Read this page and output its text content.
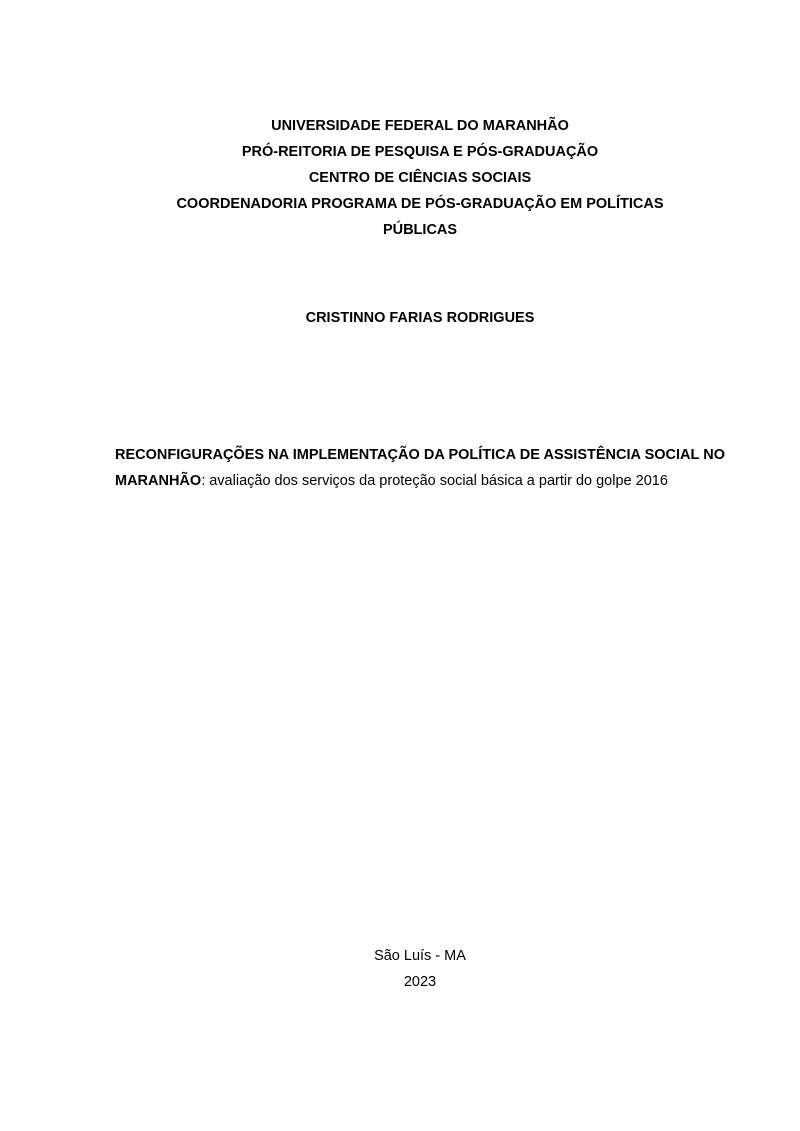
UNIVERSIDADE FEDERAL DO MARANHÃO
PRÓ-REITORIA DE PESQUISA E PÓS-GRADUAÇÃO
CENTRO DE CIÊNCIAS SOCIAIS
COORDENADORIA PROGRAMA DE PÓS-GRADUAÇÃO EM POLÍTICAS
PÚBLICAS
CRISTINNO FARIAS RODRIGUES
RECONFIGURAÇÕES NA IMPLEMENTAÇÃO DA POLÍTICA DE ASSISTÊNCIA SOCIAL NO MARANHÃO: avaliação dos serviços da proteção social básica a partir do golpe 2016
São Luís - MA
2023
